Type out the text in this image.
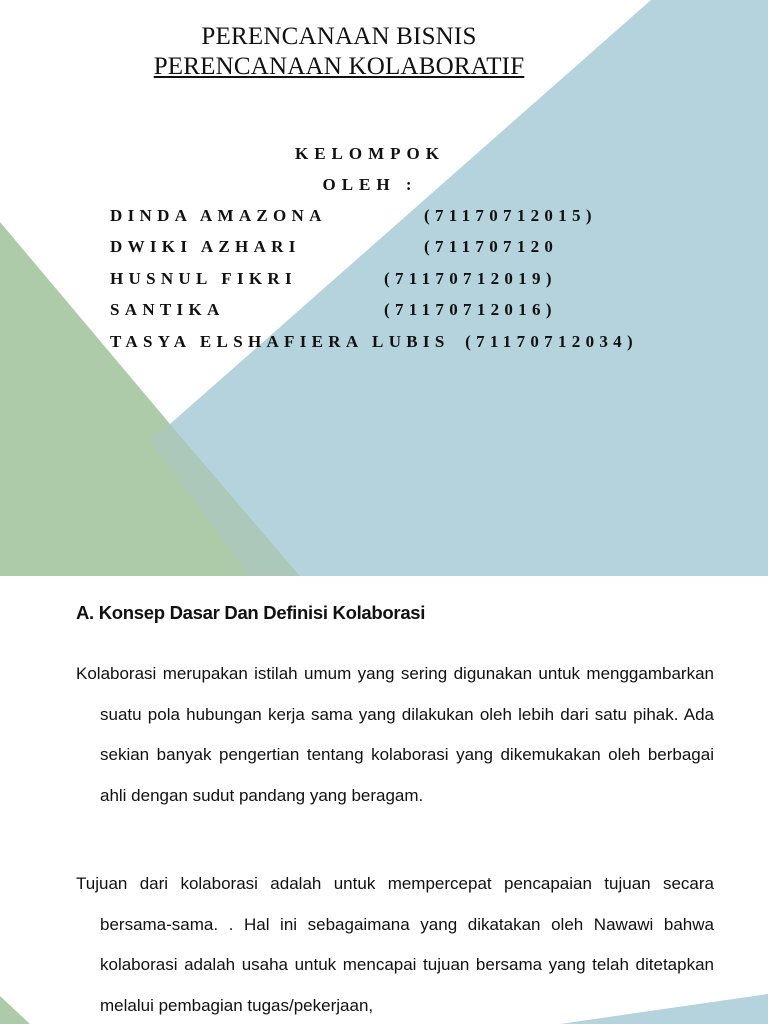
PERENCANAAN BISNIS
PERENCANAAN KOLABORATIF
KELOMPOK
OLEH :
DINDA AMAZONA	(71170712015)
DWIKI AZHARI	(711707120
HUSNUL FIKRI	(71170712019)
SANTIKA	(71170712016)
TASYA ELSHAFIERA LUBIS (71170712034)
A. Konsep Dasar Dan Definisi Kolaborasi
Kolaborasi merupakan istilah umum yang sering digunakan untuk menggambarkan suatu pola hubungan kerja sama yang dilakukan oleh lebih dari satu pihak. Ada sekian banyak pengertian tentang kolaborasi yang dikemukakan oleh berbagai ahli dengan sudut pandang yang beragam.
Tujuan dari kolaborasi adalah untuk mempercepat pencapaian tujuan secara bersama-sama. . Hal ini sebagaimana yang dikatakan oleh Nawawi bahwa kolaborasi adalah usaha untuk mencapai tujuan bersama yang telah ditetapkan melalui pembagian tugas/pekerjaan,
